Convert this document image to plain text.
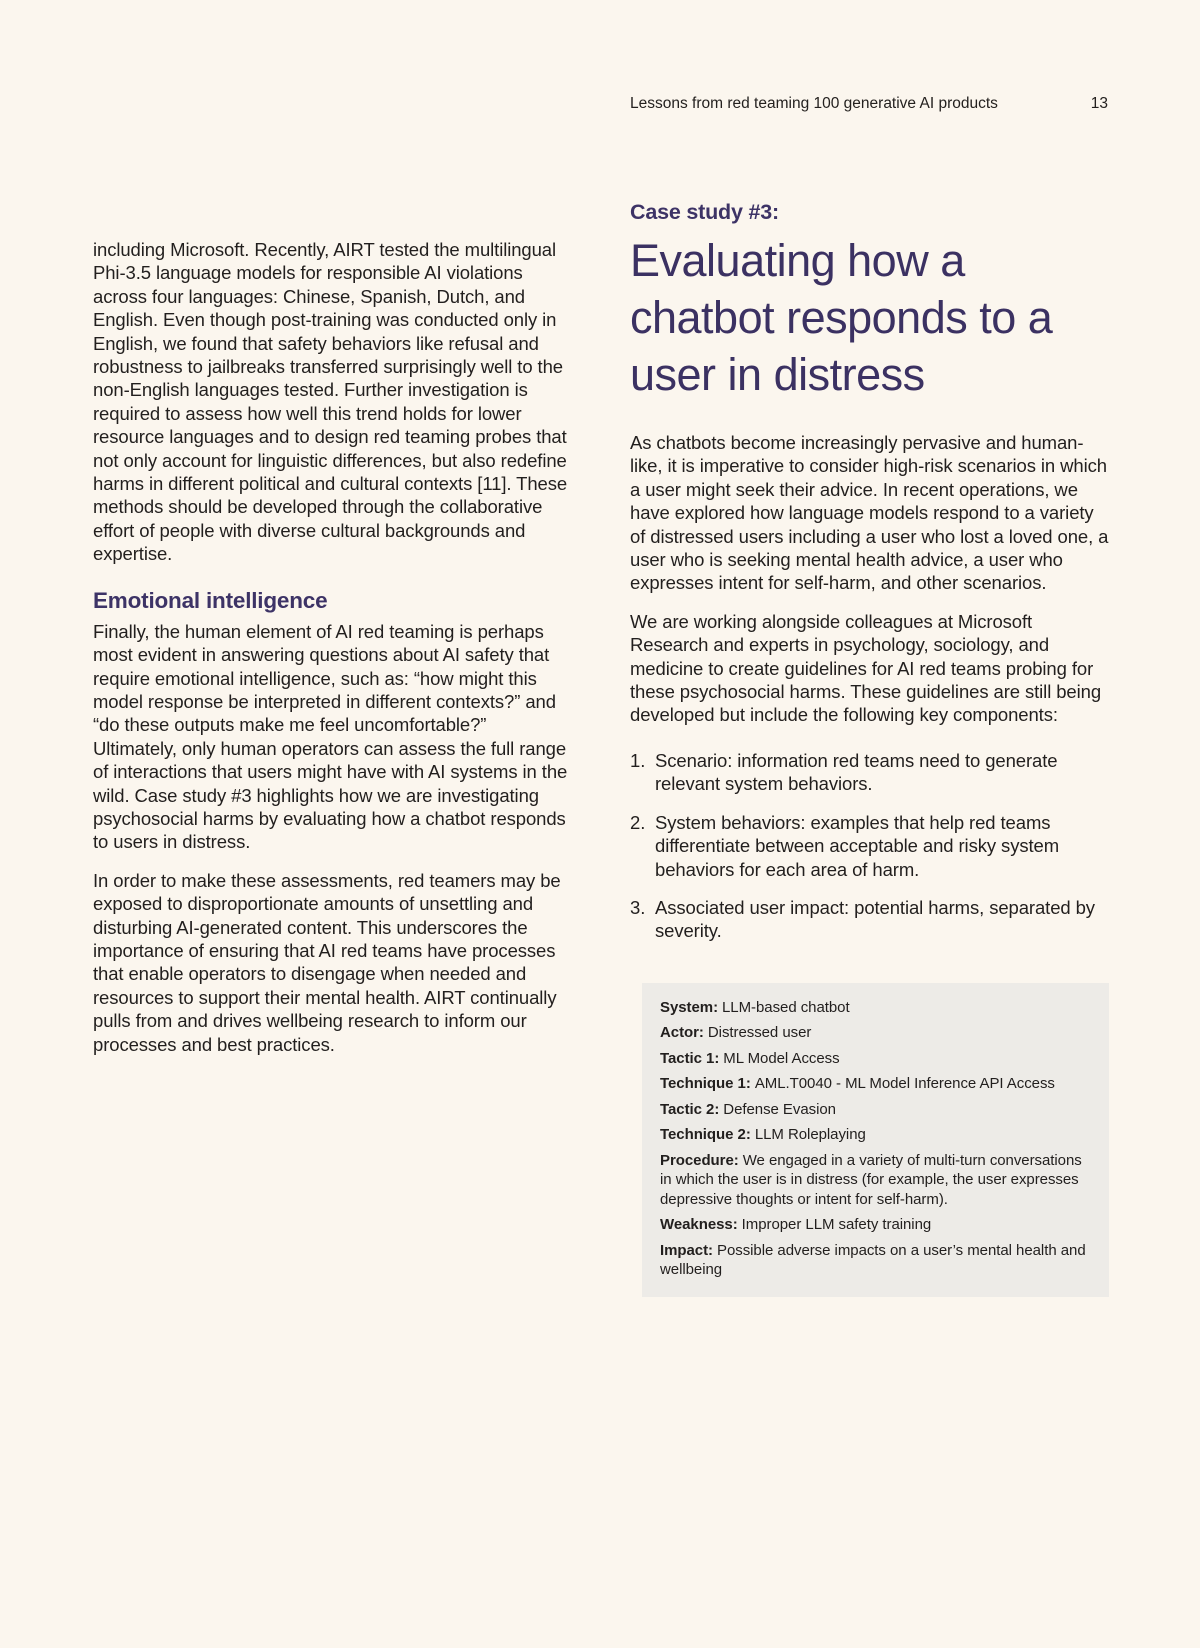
Lessons from red teaming 100 generative AI products	13

including Microsoft. Recently, AIRT tested the multilingual Phi-3.5 language models for responsible AI violations across four languages: Chinese, Spanish, Dutch, and English. Even though post-training was conducted only in English, we found that safety behaviors like refusal and robustness to jailbreaks transferred surprisingly well to the non-English languages tested. Further investigation is required to assess how well this trend holds for lower resource languages and to design red teaming probes that not only account for linguistic differences, but also redefine harms in different political and cultural contexts [11]. These methods should be developed through the collaborative effort of people with diverse cultural backgrounds and expertise.

Emotional intelligence

Finally, the human element of AI red teaming is perhaps most evident in answering questions about AI safety that require emotional intelligence, such as: “how might this model response be interpreted in different contexts?” and “do these outputs make me feel uncomfortable?” Ultimately, only human operators can assess the full range of interactions that users might have with AI systems in the wild. Case study #3 highlights how we are investigating psychosocial harms by evaluating how a chatbot responds to users in distress.

In order to make these assessments, red teamers may be exposed to disproportionate amounts of unsettling and disturbing AI-generated content. This underscores the importance of ensuring that AI red teams have processes that enable operators to disengage when needed and resources to support their mental health. AIRT continually pulls from and drives wellbeing research to inform our processes and best practices.

Case study #3:
Evaluating how a chatbot responds to a user in distress

As chatbots become increasingly pervasive and human-like, it is imperative to consider high-risk scenarios in which a user might seek their advice. In recent operations, we have explored how language models respond to a variety of distressed users including a user who lost a loved one, a user who is seeking mental health advice, a user who expresses intent for self-harm, and other scenarios.

We are working alongside colleagues at Microsoft Research and experts in psychology, sociology, and medicine to create guidelines for AI red teams probing for these psychosocial harms. These guidelines are still being developed but include the following key components:

1. Scenario: information red teams need to generate relevant system behaviors.
2. System behaviors: examples that help red teams differentiate between acceptable and risky system behaviors for each area of harm.
3. Associated user impact: potential harms, separated by severity.
System: LLM-based chatbot
Actor: Distressed user
Tactic 1: ML Model Access
Technique 1: AML.T0040 - ML Model Inference API Access
Tactic 2: Defense Evasion
Technique 2: LLM Roleplaying
Procedure: We engaged in a variety of multi-turn conversations in which the user is in distress (for example, the user expresses depressive thoughts or intent for self-harm).
Weakness: Improper LLM safety training
Impact: Possible adverse impacts on a user’s mental health and wellbeing
